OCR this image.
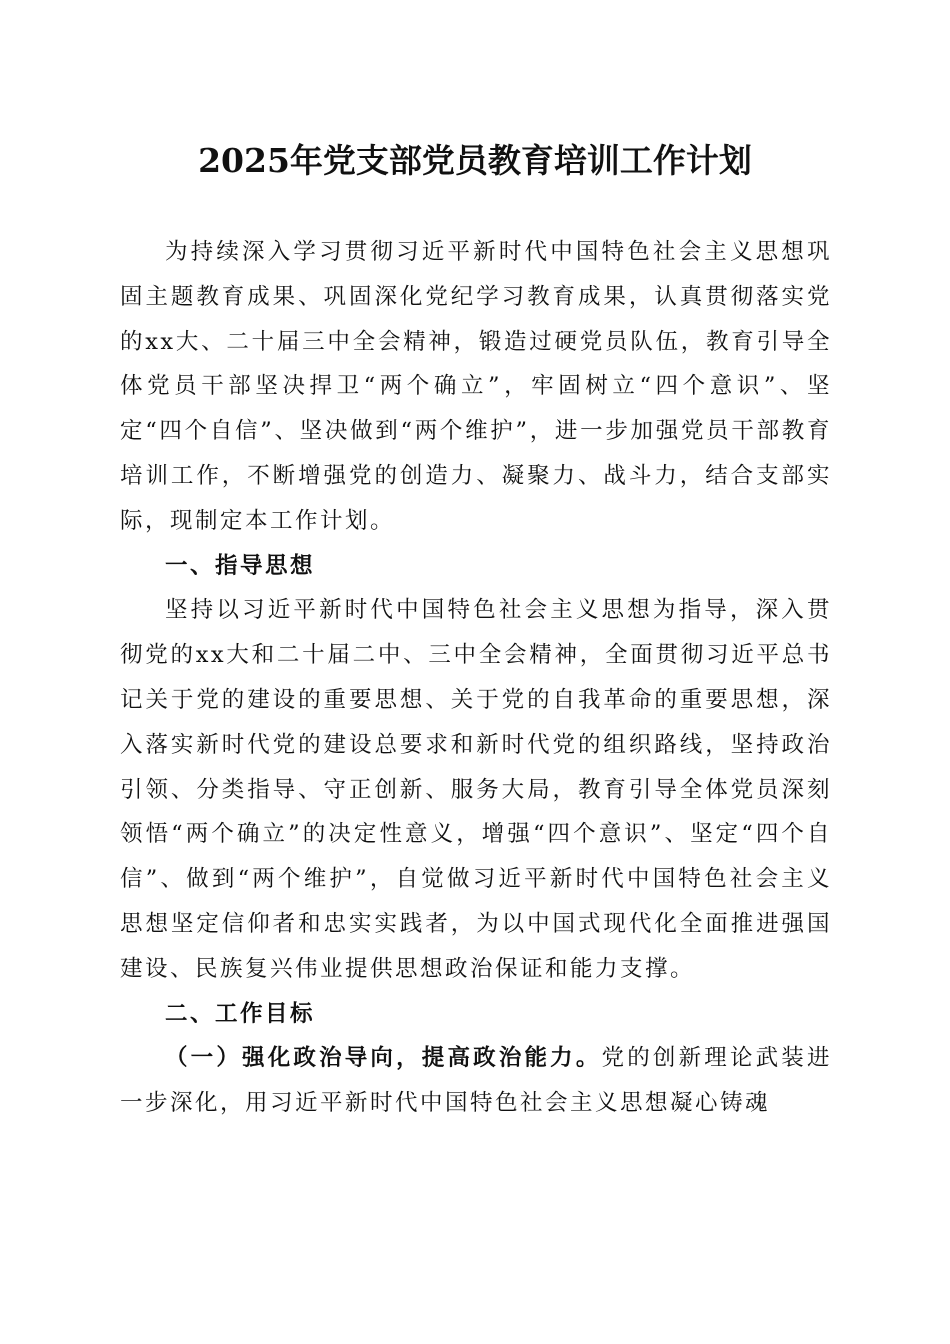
2025年党支部党员教育培训工作计划

为持续深入学习贯彻习近平新时代中国特色社会主义思想巩固主题教育成果、巩固深化党纪学习教育成果，认真贯彻落实党的xx大、二十届三中全会精神，锻造过硬党员队伍，教育引导全体党员干部坚决捍卫“两个确立”，牢固树立“四个意识”、坚定“四个自信”、坚决做到“两个维护”，进一步加强党员干部教育培训工作，不断增强党的创造力、凝聚力、战斗力，结合支部实际，现制定本工作计划。

一、指导思想

坚持以习近平新时代中国特色社会主义思想为指导，深入贯彻党的xx大和二十届二中、三中全会精神，全面贯彻习近平总书记关于党的建设的重要思想、关于党的自我革命的重要思想，深入落实新时代党的建设总要求和新时代党的组织路线，坚持政治引领、分类指导、守正创新、服务大局，教育引导全体党员深刻领悟“两个确立”的决定性意义，增强“四个意识”、坚定“四个自信”、做到“两个维护”，自觉做习近平新时代中国特色社会主义思想坚定信仰者和忠实实践者，为以中国式现代化全面推进强国建设、民族复兴伟业提供思想政治保证和能力支撑。

二、工作目标

（一）强化政治导向，提高政治能力。党的创新理论武装进一步深化，用习近平新时代中国特色社会主义思想凝心铸魂
